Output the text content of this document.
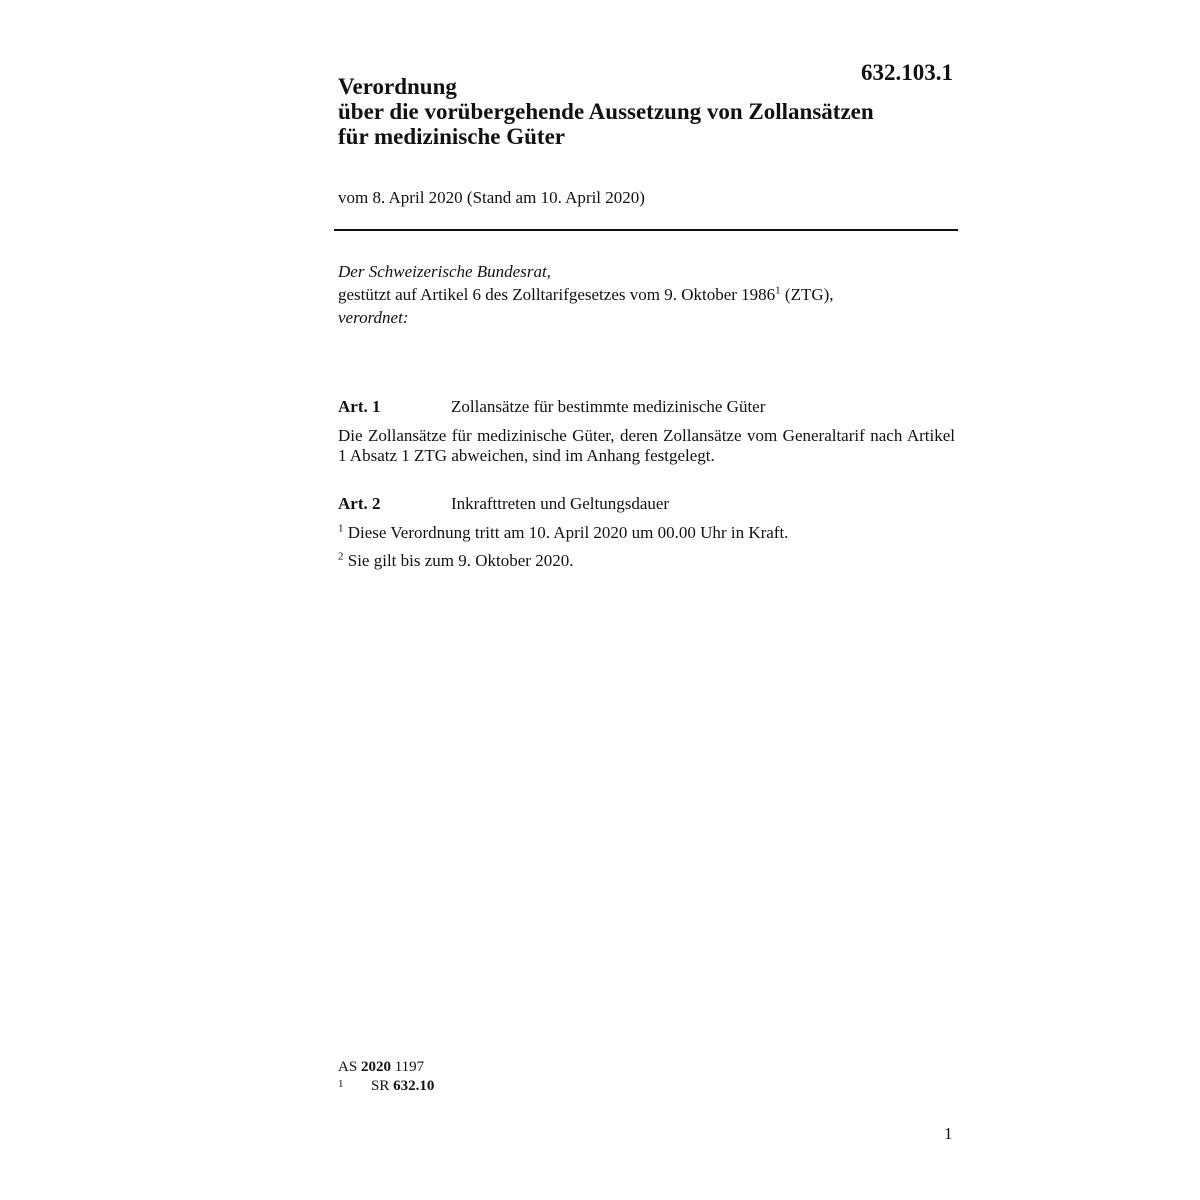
632.103.1

Verordnung
über die vorübergehende Aussetzung von Zollansätzen
für medizinische Güter

vom 8. April 2020 (Stand am 10. April 2020)

Der Schweizerische Bundesrat,

gestützt auf Artikel 6 des Zolltarifgesetzes vom 9. Oktober 1986$^1$ (ZTG),

verordnet:

Art. 1	Zollansätze für bestimmte medizinische Güter

Die Zollansätze für medizinische Güter, deren Zollansätze vom Generaltarif nach Artikel 1 Absatz 1 ZTG abweichen, sind im Anhang festgelegt.

Art. 2	Inkrafttreten und Geltungsdauer

$^1$ Diese Verordnung tritt am 10. April 2020 um 00.00 Uhr in Kraft.

$^2$ Sie gilt bis zum 9. Oktober 2020.

AS 2020 1197

1 SR 632.10

1
